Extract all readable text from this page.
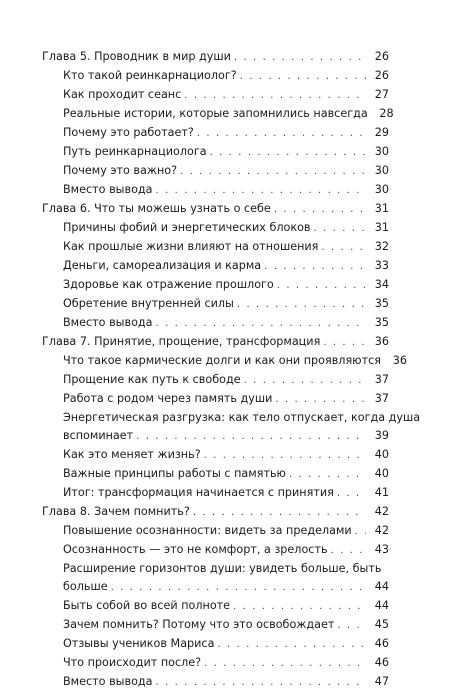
Глава 5. Проводник в мир души . . .	26
Кто такой реинкарнациолог? . . .	26
Как проходит сеанс . . .	27
Реальные истории, которые запомнились навсегда	28
Почему это работает? . . .	29
Путь реинкарнациолога . . .	30
Почему это важно? . . .	30
Вместо вывода . . .	30
Глава 6. Что ты можешь узнать о себе . . .	31
Причины фобий и энергетических блоков . . .	31
Как прошлые жизни влияют на отношения . . .	32
Деньги, самореализация и карма . . .	33
Здоровье как отражение прошлого . . .	34
Обретение внутренней силы . . .	35
Вместо вывода . . .	35
Глава 7. Принятие, прощение, трансформация . . .	36
Что такое кармические долги и как они проявляются	36
Прощение как путь к свободе . . .	37
Работа с родом через память души . . .	37
Энергетическая разгрузка: как тело отпускает, когда душа
вспоминает . . .	39
Как это меняет жизнь? . . .	40
Важные принципы работы с памятью . . .	40
Итог: трансформация начинается с принятия . . .	41
Глава 8. Зачем помнить? . . .	42
Повышение осознанности: видеть за пределами . . .	42
Осознанность — это не комфорт, а зрелость . . .	43
Расширение горизонтов души: увидеть больше, быть
больше . . .	44
Быть собой во всей полноте . . .	44
Зачем помнить? Потому что это освобождает . . .	45
Отзывы учеников Мариса . . .	46
Что происходит после? . . .	46
Вместо вывода . . .	47
